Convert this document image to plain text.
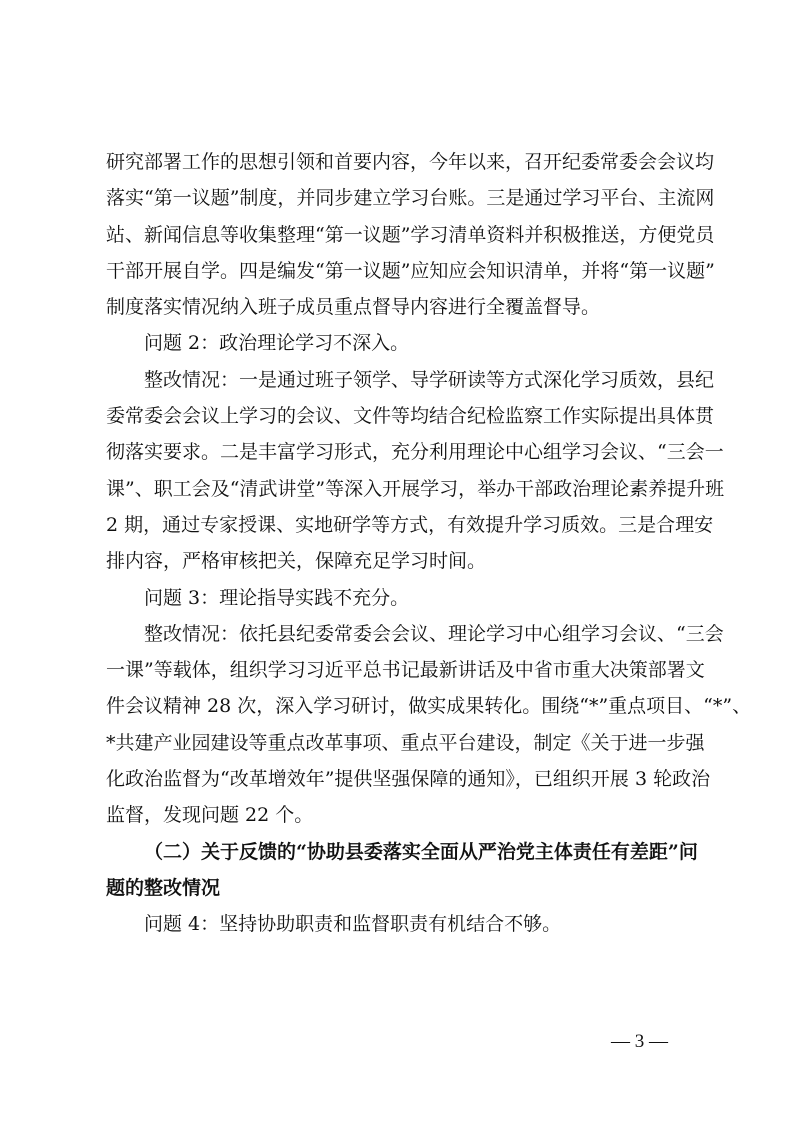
研究部署工作的思想引领和首要内容，今年以来，召开纪委常委会会议均
落实“第一议题”制度，并同步建立学习台账。三是通过学习平台、主流网
站、新闻信息等收集整理“第一议题”学习清单资料并积极推送，方便党员
干部开展自学。四是编发“第一议题”应知应会知识清单，并将“第一议题”
制度落实情况纳入班子成员重点督导内容进行全覆盖督导。
问题 2：政治理论学习不深入。
整改情况：一是通过班子领学、导学研读等方式深化学习质效，县纪
委常委会会议上学习的会议、文件等均结合纪检监察工作实际提出具体贯
彻落实要求。二是丰富学习形式，充分利用理论中心组学习会议、“三会一
课”、职工会及“清武讲堂”等深入开展学习，举办干部政治理论素养提升班
2 期，通过专家授课、实地研学等方式，有效提升学习质效。三是合理安
排内容，严格审核把关，保障充足学习时间。
问题 3：理论指导实践不充分。
整改情况：依托县纪委常委会会议、理论学习中心组学习会议、“三会
一课”等载体，组织学习习近平总书记最新讲话及中省市重大决策部署文
件会议精神 28 次，深入学习研讨，做实成果转化。围绕“*”重点项目、“*”、
*共建产业园建设等重点改革事项、重点平台建设，制定《关于进一步强
化政治监督为“改革增效年”提供坚强保障的通知》，已组织开展 3 轮政治
监督，发现问题 22 个。
（二）关于反馈的“协助县委落实全面从严治党主体责任有差距”问
题的整改情况
问题 4：坚持协助职责和监督职责有机结合不够。
— 3 —
